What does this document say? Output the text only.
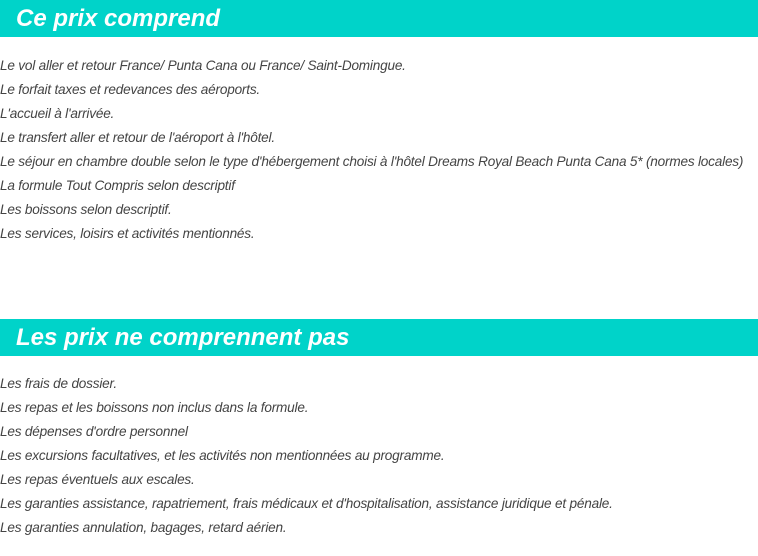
Ce prix comprend
Le vol aller et retour France/ Punta Cana ou France/ Saint-Domingue.
Le forfait taxes et redevances des aéroports.
L'accueil à l'arrivée.
Le transfert aller et retour de l'aéroport à l'hôtel.
Le séjour en chambre double selon le type d'hébergement choisi à l'hôtel Dreams Royal Beach Punta Cana 5* (normes locales)
La formule Tout Compris selon descriptif
Les boissons selon descriptif.
Les services, loisirs et activités mentionnés.
Les prix ne comprennent pas
Les frais de dossier.
Les repas et les boissons non inclus dans la formule.
Les dépenses d'ordre personnel
Les excursions facultatives, et les activités non mentionnées au programme.
Les repas éventuels aux escales.
Les garanties assistance, rapatriement, frais médicaux et d'hospitalisation, assistance juridique et pénale.
Les garanties annulation, bagages, retard aérien.
